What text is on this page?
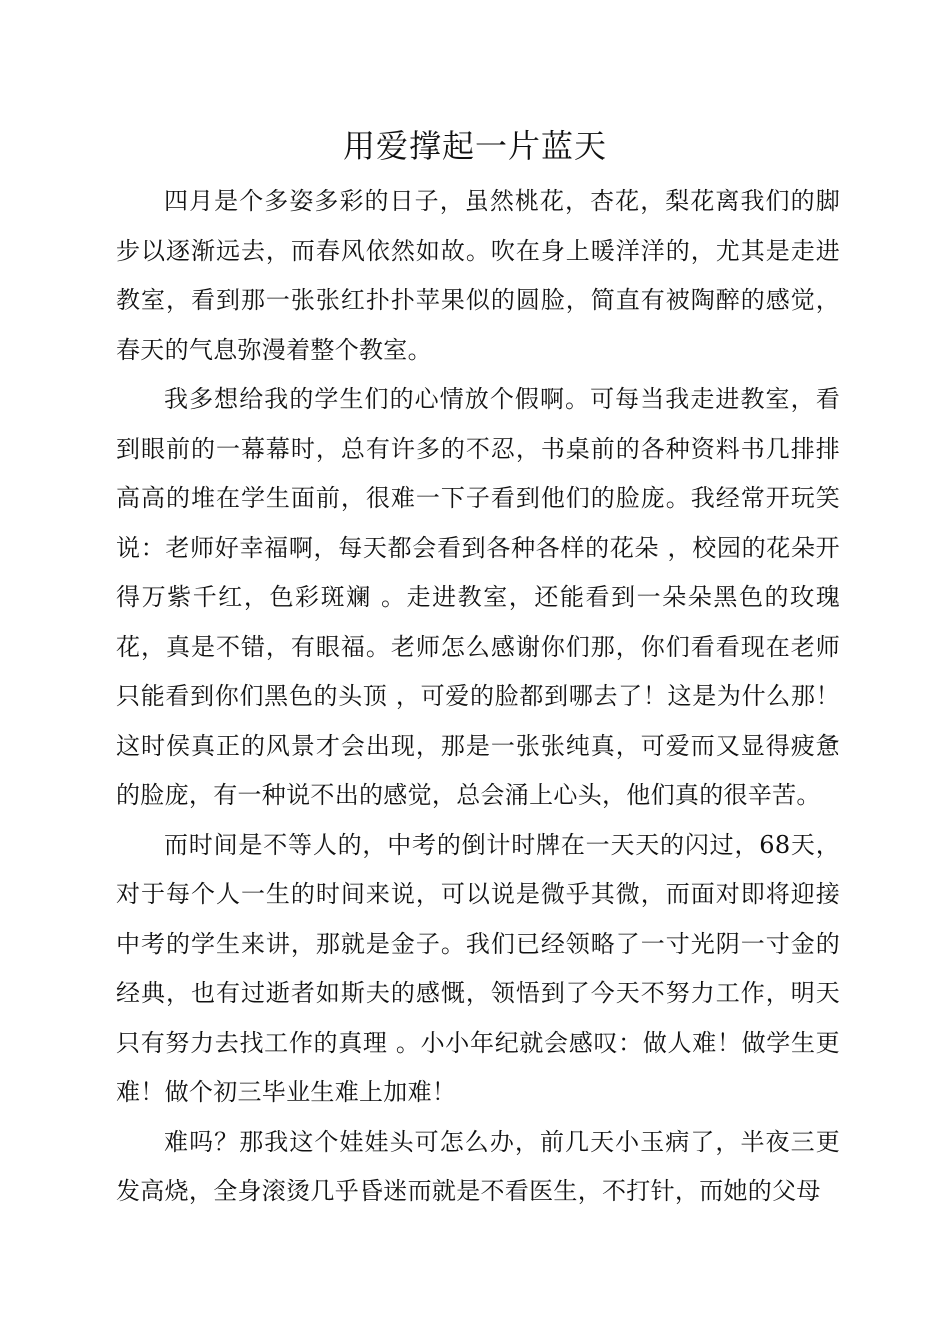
用爱撑起一片蓝天

四月是个多姿多彩的日子，虽然桃花，杏花，梨花离我们的脚步以逐渐远去，而春风依然如故。吹在身上暖洋洋的，尤其是走进教室，看到那一张张红扑扑苹果似的圆脸，简直有被陶醉的感觉，春天的气息弥漫着整个教室。

我多想给我的学生们的心情放个假啊。可每当我走进教室，看到眼前的一幕幕时，总有许多的不忍，书桌前的各种资料书几排排高高的堆在学生面前，很难一下子看到他们的脸庞。我经常开玩笑说：老师好幸福啊，每天都会看到各种各样的花朵 ，校园的花朵开得万紫千红，色彩斑斓 。走进教室，还能看到一朵朵黑色的玫瑰花，真是不错，有眼福。老师怎么感谢你们那，你们看看现在老师只能看到你们黑色的头顶 ，可爱的脸都到哪去了！这是为什么那！这时侯真正的风景才会出现，那是一张张纯真，可爱而又显得疲惫的脸庞，有一种说不出的感觉，总会涌上心头，他们真的很辛苦。

而时间是不等人的，中考的倒计时牌在一天天的闪过，68天，对于每个人一生的时间来说，可以说是微乎其微，而面对即将迎接中考的学生来讲，那就是金子。我们已经领略了一寸光阴一寸金的经典，也有过逝者如斯夫的感慨，领悟到了今天不努力工作，明天只有努力去找工作的真理 。小小年纪就会感叹：做人难！做学生更难！做个初三毕业生难上加难！

难吗？那我这个娃娃头可怎么办，前几天小玉病了，半夜三更发高烧，全身滚烫几乎昏迷而就是不看医生，不打针，而她的父母
